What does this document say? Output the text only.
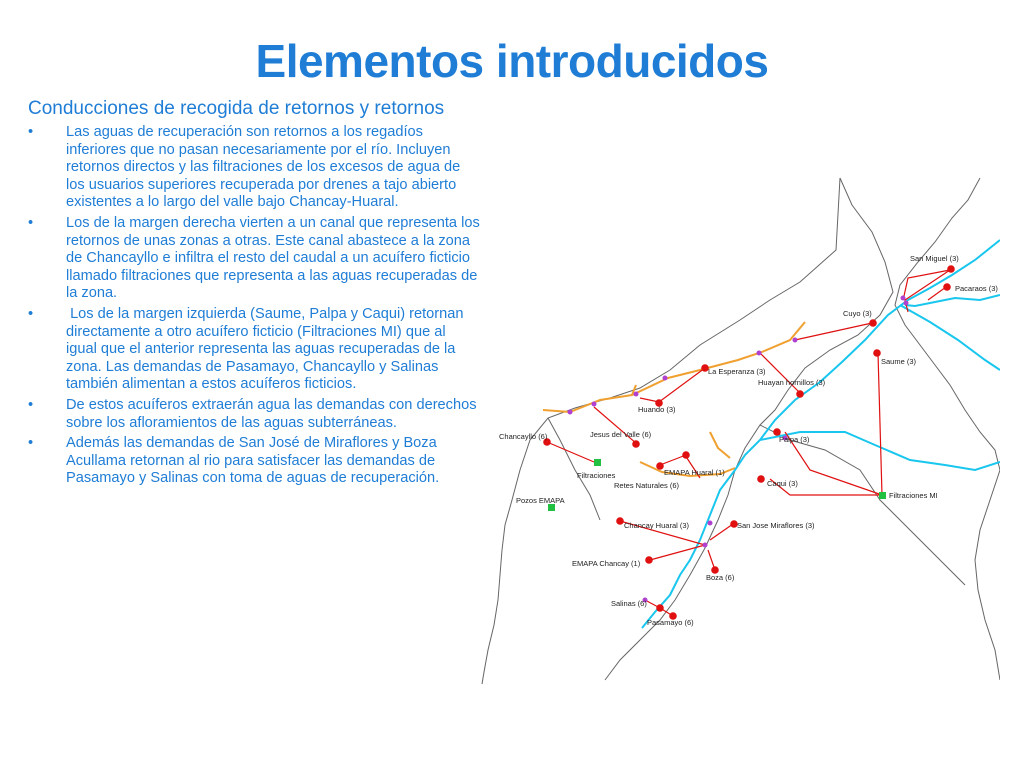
Elementos introducidos
Conducciones de recogida de retornos y retornos
• Las aguas de recuperación son retornos a los regadíos inferiores que no pasan necesariamente por el río. Incluyen retornos directos y las filtraciones de los excesos de agua de los usuarios superiores recuperada por drenes a tajo abierto existentes a lo largo del valle bajo Chancay-Huaral.
• Los de la margen derecha vierten a un canal que representa los retornos de unas zonas a otras. Este canal abastece a la zona de Chancayllo e infiltra el resto del caudal a un acuífero ficticio llamado filtraciones que representa a las aguas recuperadas de la zona.
• Los de la margen izquierda (Saume, Palpa y Caqui) retornan directamente a otro acuífero ficticio (Filtraciones MI) que al igual que el anterior representa las aguas recuperadas de la zona. Las demandas de Pasamayo, Chancayllo y Salinas también alimentan a estos acuíferos ficticios.
• De estos acuíferos extraerán agua las demandas con derechos sobre los afloramientos de las aguas subterráneas.
• Además las demandas de San José de Miraflores y Boza Acullama retornan al rio para satisfacer las demandas de Pasamayo y Salinas con toma de aguas de recuperación.
San Miguel (3)
Pacaraos (3)
Cuyo (3)
Saume (3)
La Esperanza (3)
Huayan hornillos (3)
Huando (3)
Chancayllo (6)	Jesus del Valle (6)
Palpa (3)
EMAPA Huaral (1)
Filtraciones
Retes Naturales (6)	Caqui (3)
Filtraciones MI
Pozos EMAPA
Chancay Huaral (3)	San Jose Miraflores (3)
EMAPA Chancay (1)
Boza (6)
Salinas (6)
Pasamayo (6)
